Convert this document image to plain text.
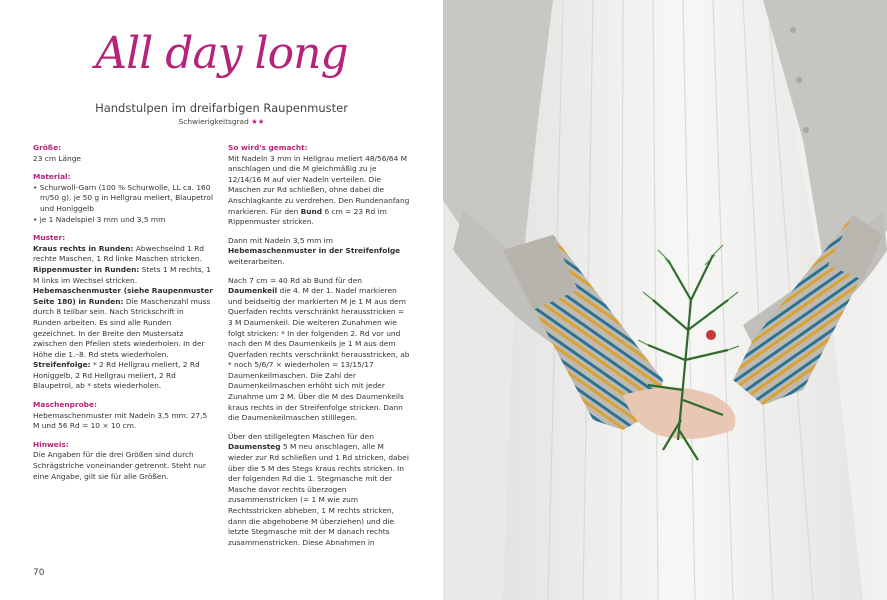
All day long
Handstulpen im dreifarbigen Raupenmuster
Schwierigkeitsgrad ★★
Größe:

23 cm Länge

Material:

• Schurwoll-Garn (100 % Schurwolle, LL ca. 160 m/50 g), je 50 g in Hellgrau meliert, Blaupetrol und Honiggelb

• je 1 Nadelspiel 3 mm und 3,5 mm

Muster:

Kraus rechts in Runden: Abwechselnd 1 Rd rechte Maschen, 1 Rd linke Maschen stricken.

Rippenmuster in Runden: Stets 1 M rechts, 1 M links im Wechsel stricken.

Hebemaschenmuster (siehe Raupenmuster Seite 180) in Runden: Die Maschenzahl muss durch 8 teilbar sein. Nach Strickschrift in Runden arbeiten. Es sind alle Runden gezeichnet. In der Breite den Mustersatz zwischen den Pfeilen stets wiederholen. In der Höhe die 1.–8. Rd stets wiederholen.

Streifenfolge: * 2 Rd Hellgrau meliert, 2 Rd Honiggelb, 2 Rd Hellgrau meliert, 2 Rd Blaupetrol, ab * stets wiederholen.

Maschenprobe:

Hebemaschenmuster mit Nadeln 3,5 mm: 27,5 M und 56 Rd = 10 × 10 cm.

Hinweis:

Die Angaben für die drei Größen sind durch Schrägstriche voneinander getrennt. Steht nur eine Angabe, gilt sie für alle Größen.

So wird's gemacht:

Mit Nadeln 3 mm in Hellgrau meliert 48/56/64 M anschlagen und die M gleichmäßig zu je 12/14/16 M auf vier Nadeln verteilen. Die Maschen zur Rd schließen, ohne dabei die Anschlagkante zu verdrehen. Den Rundenanfang markieren. Für den Bund 6 cm = 23 Rd im Rippenmuster stricken.

Dann mit Nadeln 3,5 mm im Hebemaschenmuster in der Streifenfolge weiterarbeiten.

Nach 7 cm = 40 Rd ab Bund für den Daumenkeil die 4. M der 1. Nadel markieren und beidseitig der markierten M je 1 M aus dem Querfaden rechts verschränkt herausstricken = 3 M Daumenkeil. Die weiteren Zunahmen wie folgt stricken: * In der folgenden 2. Rd vor und nach den M des Daumenkeils je 1 M aus dem Querfaden rechts verschränkt herausstricken, ab * noch 5/6/7 × wiederholen = 13/15/17 Daumenkeilmaschen. Die Zahl der Daumenkeilmaschen erhöht sich mit jeder Zunahme um 2 M. Über die M des Daumenkeils kraus rechts in der Streifenfolge stricken. Dann die Daumenkeilmaschen stilllegen.

Über den stillgelegten Maschen für den Daumensteg 5 M neu anschlagen, alle M wieder zur Rd schließen und 1 Rd stricken, dabei über die 5 M des Stegs kraus rechts stricken. In der folgenden Rd die 1. Stegmasche mit der Masche davor rechts überzogen zusammenstricken (= 1 M wie zum Rechtsstricken abheben, 1 M rechts stricken, dann die abgehobene M überziehen) und die letzte Stegmasche mit der M danach rechts zusammenstricken. Diese Abnahmen in

70
